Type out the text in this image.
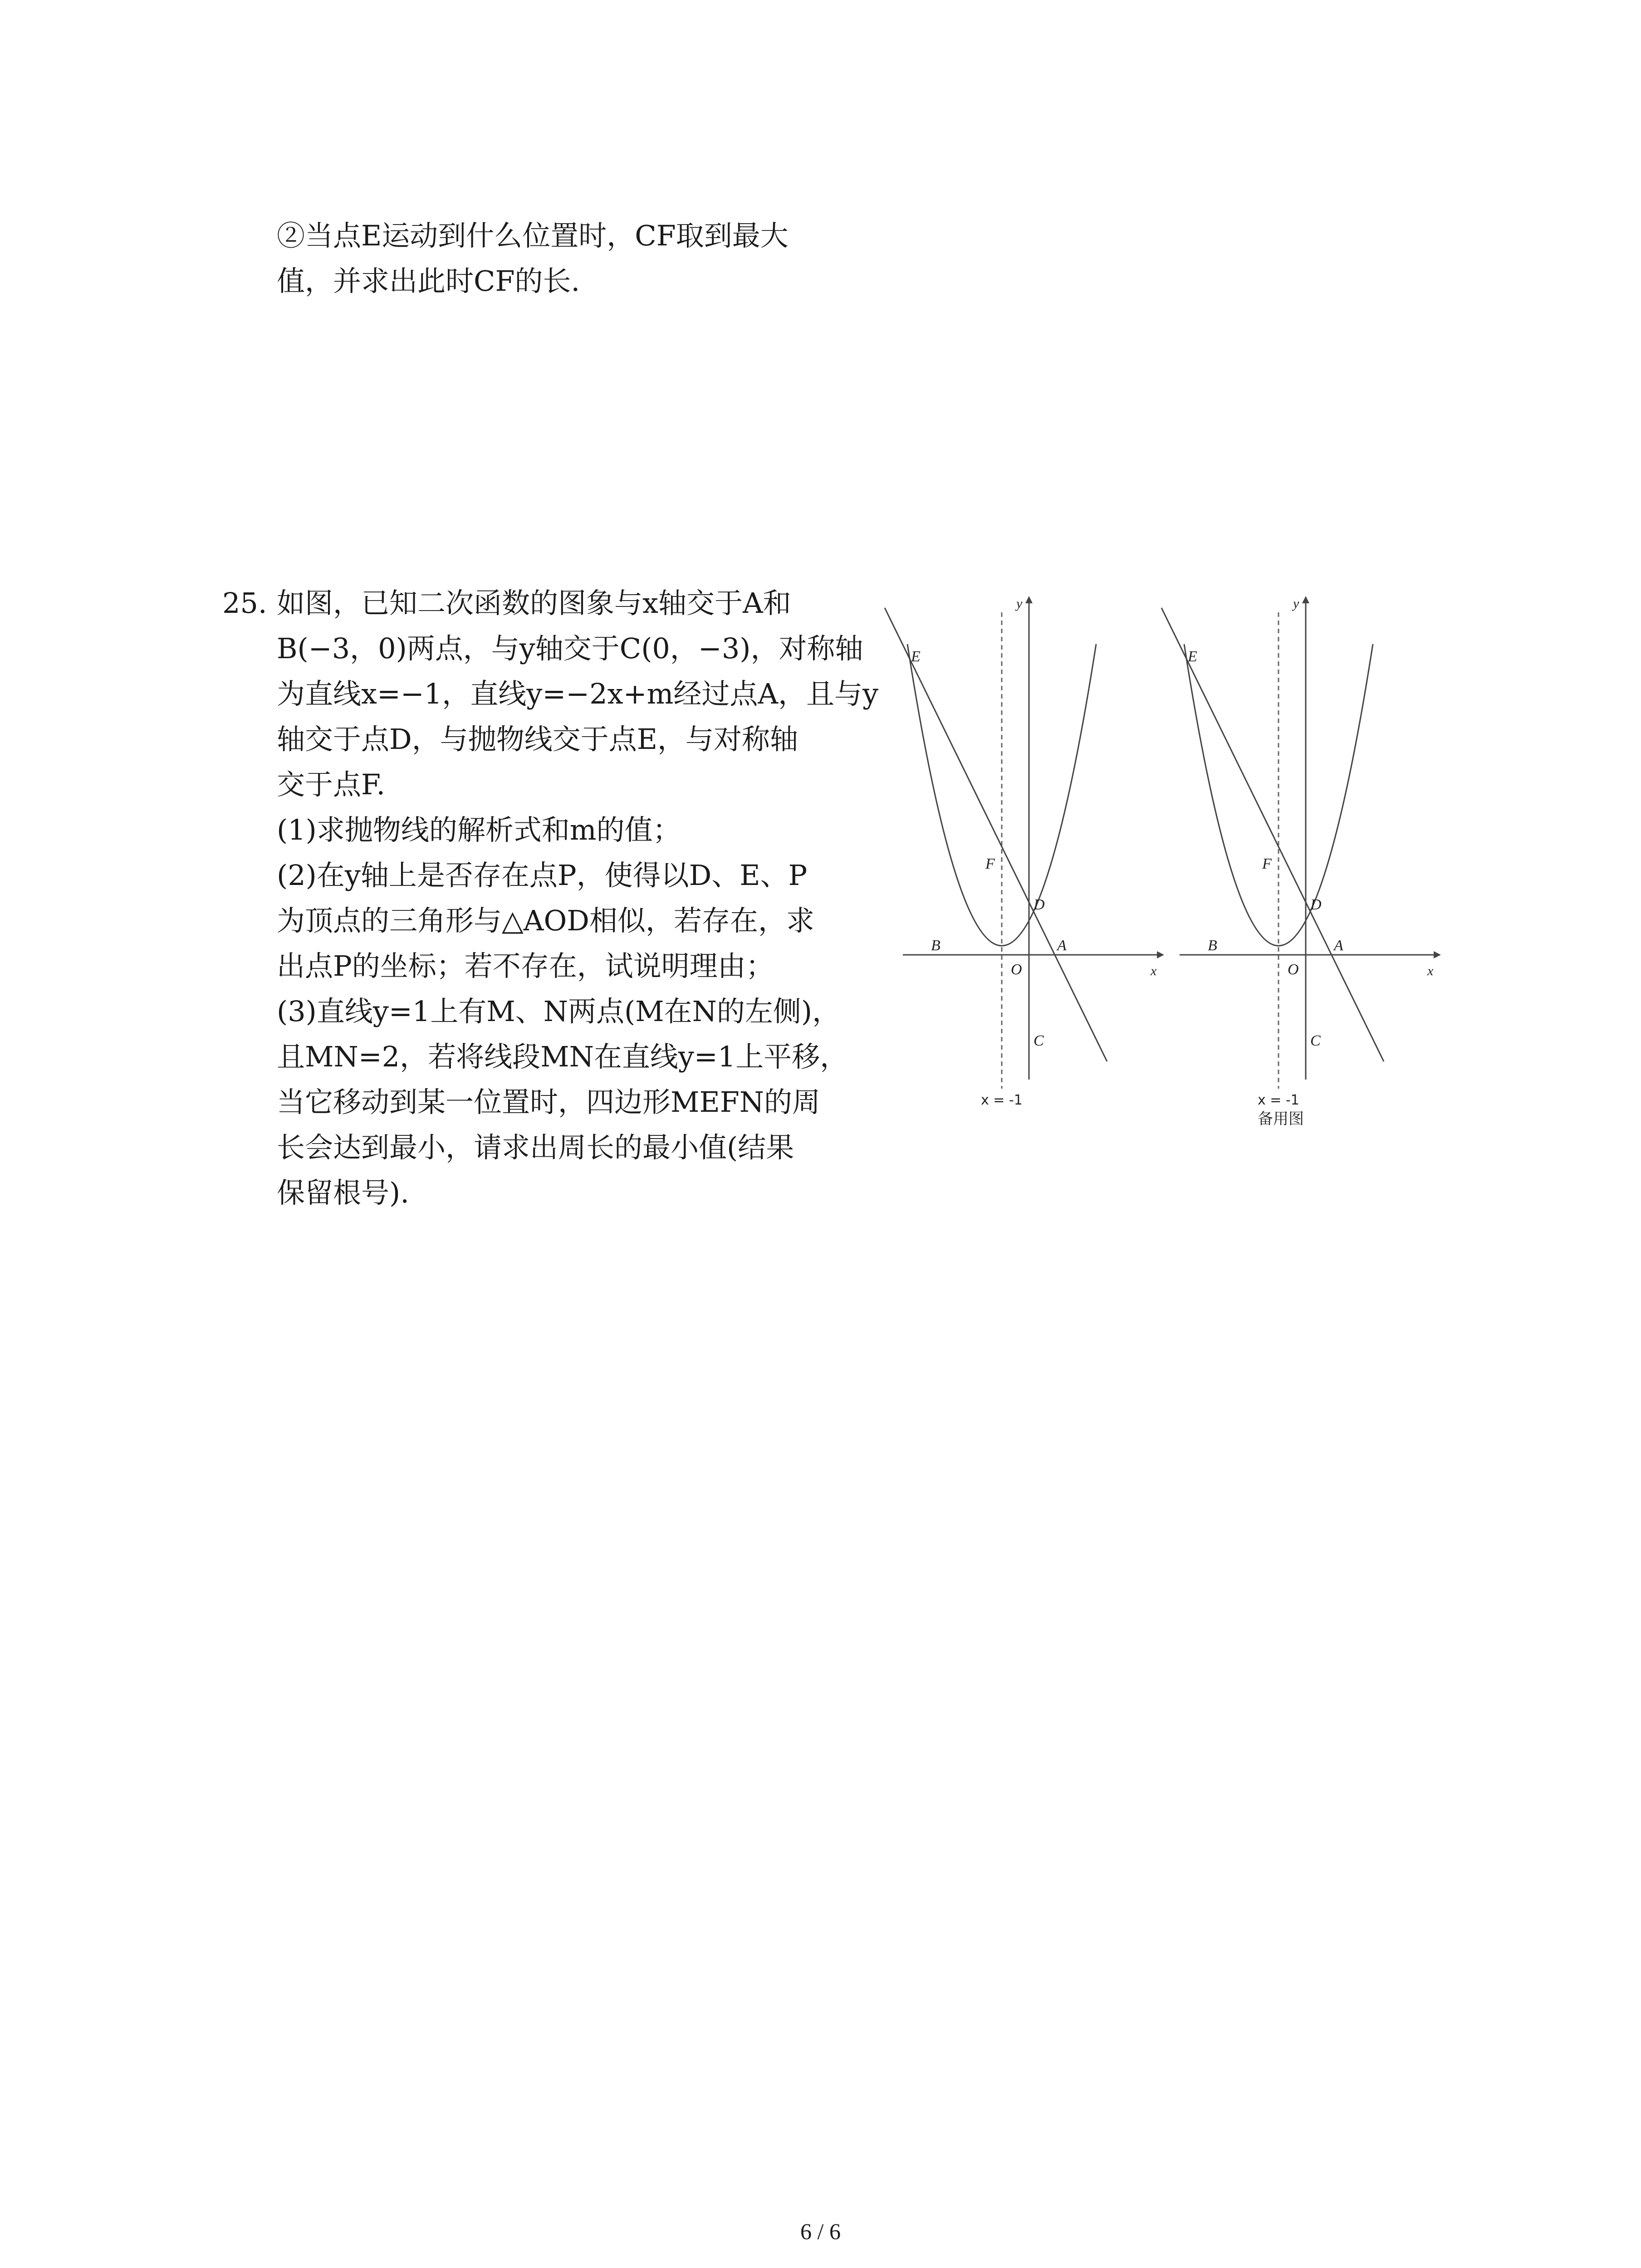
②当点E运动到什么位置时，CF取到最大
值，并求出此时CF的长.
25. 如图，已知二次函数的图象与x轴交于A和
B(−3，0)两点，与y轴交于C(0，−3)，对称轴
为直线x=−1，直线y=−2x+m经过点A，且与y
轴交于点D，与抛物线交于点E，与对称轴
交于点F.
(1)求抛物线的解析式和m的值；
(2)在y轴上是否存在点P，使得以D、E、P
为顶点的三角形与△AOD相似，若存在，求
出点P的坐标；若不存在，试说明理由；
(3)直线y=1上有M、N两点(M在N的左侧)，
且MN=2，若将线段MN在直线y=1上平移，
当它移动到某一位置时，四边形MEFN的周
长会达到最小，请求出周长的最小值(结果
保留根号).
E
F
D
B
O
A
C
x
y
x = -1
E
F
D
B
O
A
C
x
y
x = -1
备用图
6 / 6
